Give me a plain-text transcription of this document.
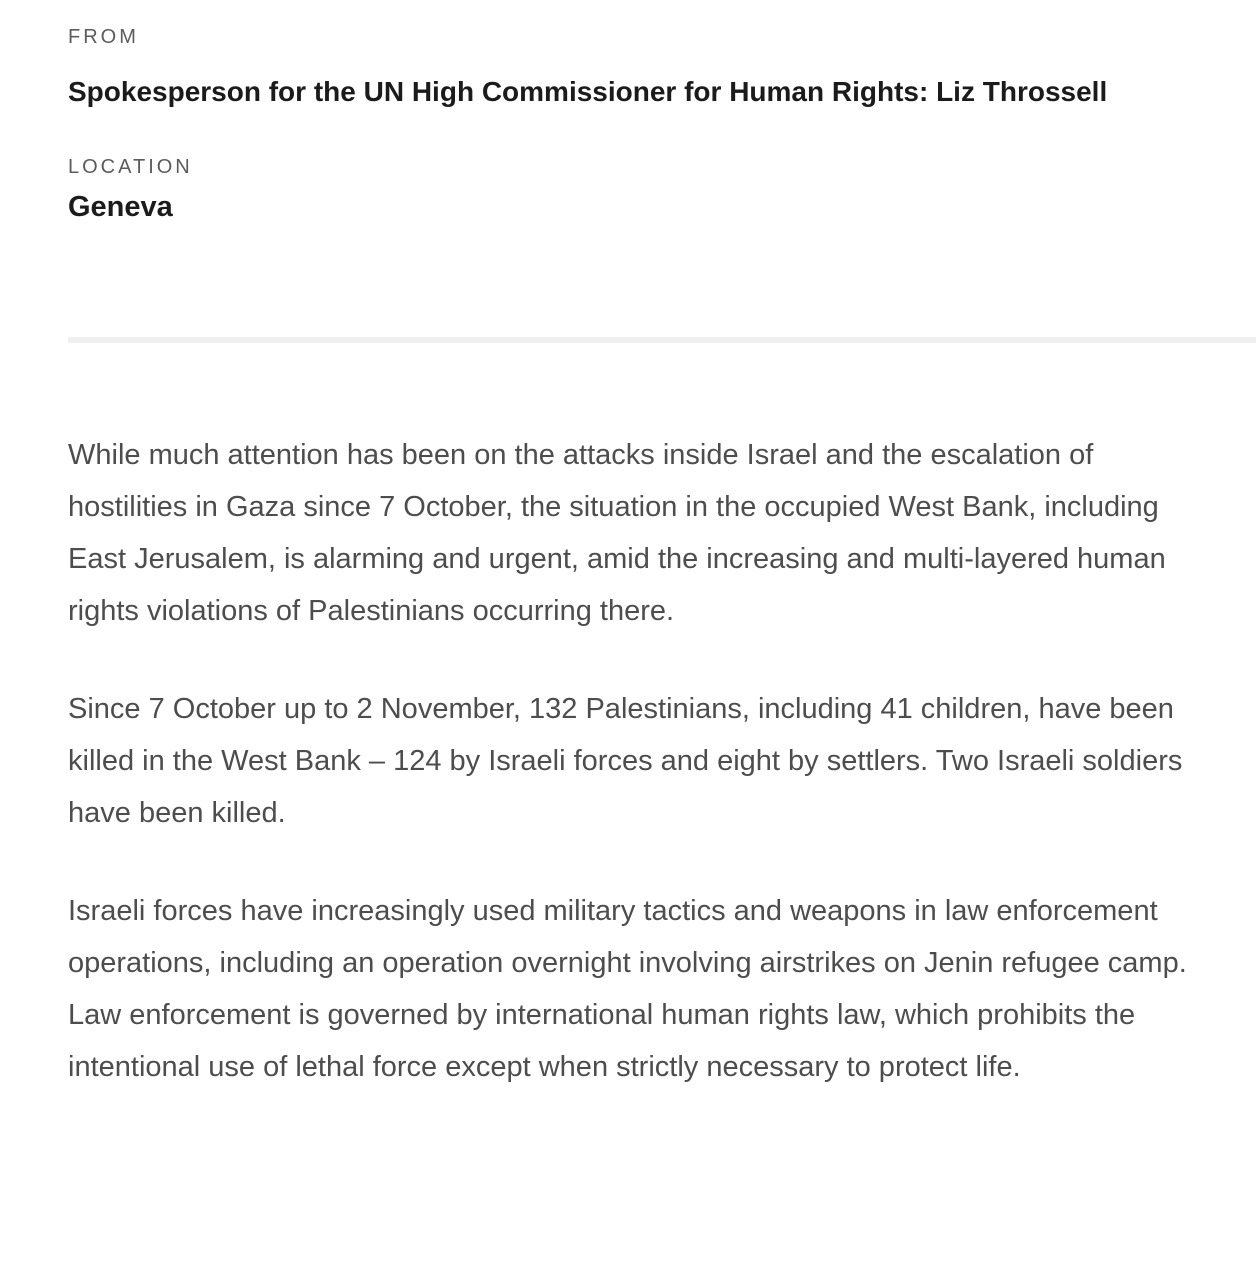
FROM
Spokesperson for the UN High Commissioner for Human Rights: Liz Throssell
LOCATION
Geneva

While much attention has been on the attacks inside Israel and the escalation of hostilities in Gaza since 7 October, the situation in the occupied West Bank, including East Jerusalem, is alarming and urgent, amid the increasing and multi-layered human rights violations of Palestinians occurring there.

Since 7 October up to 2 November, 132 Palestinians, including 41 children, have been killed in the West Bank – 124 by Israeli forces and eight by settlers. Two Israeli soldiers have been killed.

Israeli forces have increasingly used military tactics and weapons in law enforcement operations, including an operation overnight involving airstrikes on Jenin refugee camp. Law enforcement is governed by international human rights law, which prohibits the intentional use of lethal force except when strictly necessary to protect life.
